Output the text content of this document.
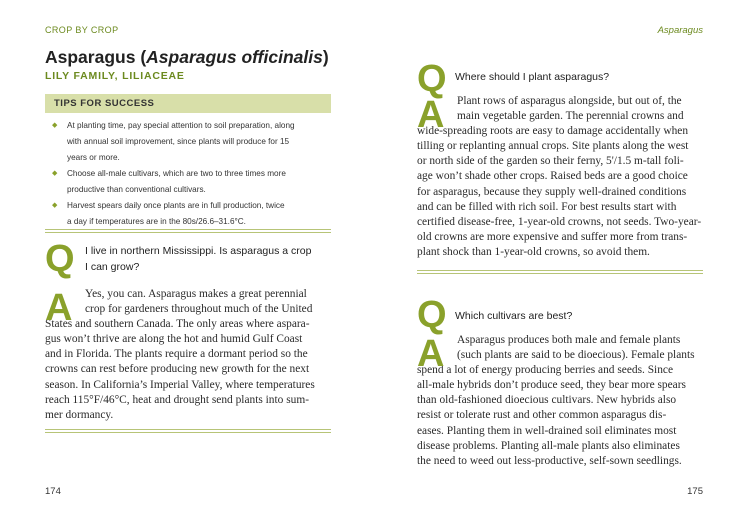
CROP BY CROP
Asparagus (Asparagus officinalis)
LILY FAMILY, LILIACEAE
TIPS FOR SUCCESS
◆ At planting time, pay special attention to soil preparation, along
with annual soil improvement, since plants will produce for 15
years or more.
◆ Choose all-male cultivars, which are two to three times more
productive than conventional cultivars.
◆ Harvest spears daily once plants are in full production, twice
a day if temperatures are in the 80s/26.6–31.6°C.
Q I live in northern Mississippi. Is asparagus a crop
I can grow?
A	Yes, you can. Asparagus makes a great perennial
crop for gardeners throughout much of the United
States and southern Canada. The only areas where aspara-
gus won’t thrive are along the hot and humid Gulf Coast
and in Florida. The plants require a dormant period so the
crowns can rest before producing new growth for the next
season. In California’s Imperial Valley, where temperatures
reach 115°F/46°C, heat and drought send plants into sum-
mer dormancy.
174
Asparagus
Q Where should I plant asparagus?
A	Plant rows of asparagus alongside, but out of, the
main vegetable garden. The perennial crowns and
wide-spreading roots are easy to damage accidentally when
tilling or replanting annual crops. Site plants along the west
or north side of the garden so their ferny, 5'/1.5 m-tall foli-
age won’t shade other crops. Raised beds are a good choice
for asparagus, because they supply well-drained conditions
and can be filled with rich soil. For best results start with
certified disease-free, 1-year-old crowns, not seeds. Two-year-
old crowns are more expensive and suffer more from trans-
plant shock than 1-year-old crowns, so avoid them.
Q Which cultivars are best?
A	Asparagus produces both male and female plants
(such plants are said to be dioecious). Female plants
spend a lot of energy producing berries and seeds. Since
all-male hybrids don’t produce seed, they bear more spears
than old-fashioned dioecious cultivars. New hybrids also
resist or tolerate rust and other common asparagus dis-
eases. Planting them in well-drained soil eliminates most
disease problems. Planting all-male plants also eliminates
the need to weed out less-productive, self-sown seedlings.
175
